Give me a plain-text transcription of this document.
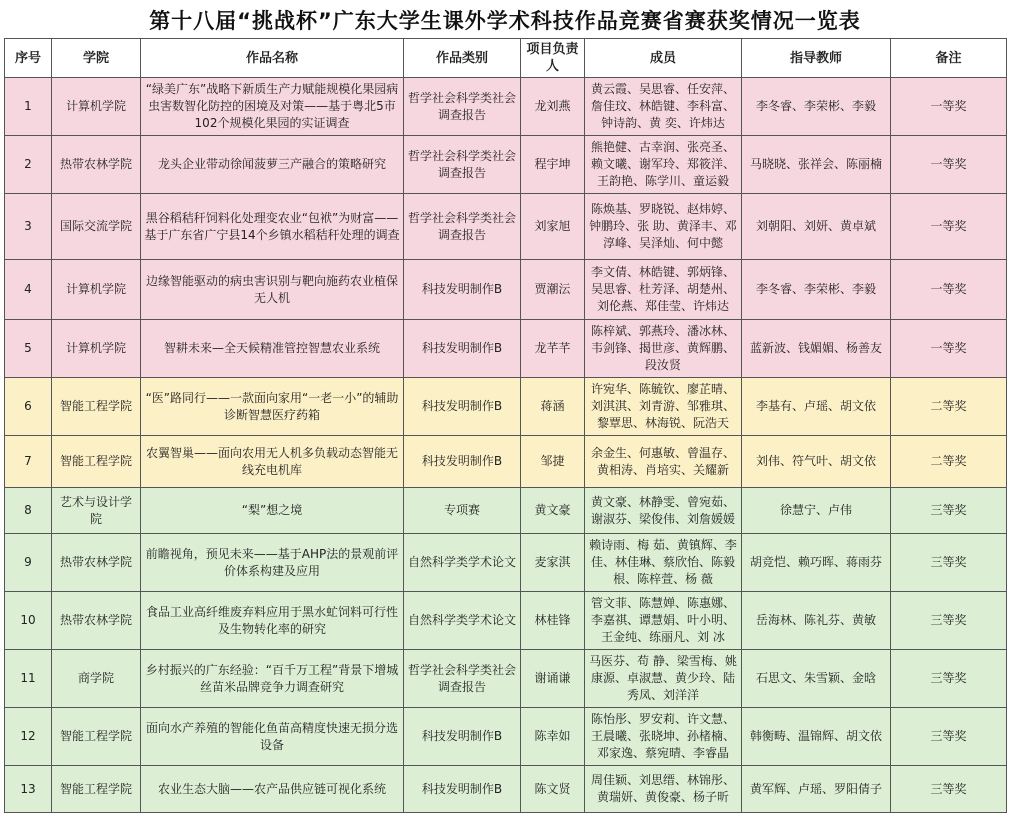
第十八届“挑战杯”广东大学生课外学术科技作品竞赛省赛获奖情况一览表
序号	学院	作品名称	作品类别	项目负责人	成员	指导教师	备注
1	计算机学院	“绿美广东”战略下新质生产力赋能规模化果园病虫害数智化防控的困境及对策——基于粤北5市102个规模化果园的实证调查	哲学社会科学类社会调查报告	龙刘燕	黄云霞、吴思睿、任安萍、詹佳玟、林皓键、李科富、钟诗韵、黄 奕、许炜达	李冬睿、李荣彬、李毅	一等奖
2	热带农林学院	龙头企业带动徐闻菠萝三产融合的策略研究	哲学社会科学类社会调查报告	程宇坤	熊艳健、古幸润、张亮圣、赖文曦、谢军玲、郑筱洋、王韵艳、陈学川、童运毅	马晓晓、张祥会、陈丽楠	一等奖
3	国际交流学院	黑谷稻秸秆饲料化处理变农业“包袱”为财富——基于广东省广宁县14个乡镇水稻秸秆处理的调查	哲学社会科学类社会调查报告	刘家旭	陈焕基、罗晓锐、赵炜婷、钟鹏玲、张 助、黄泽丰、邓淳峰、吴泽灿、何中懿	刘朝阳、刘妍、黄卓斌	一等奖
4	计算机学院	边缘智能驱动的病虫害识别与靶向施药农业植保无人机	科技发明制作B	贾潮沄	李文倩、林皓键、郭炳锋、吴思睿、杜芳泽、胡楚州、刘伦燕、郑佳莹、许炜达	李冬睿、李荣彬、李毅	一等奖
5	计算机学院	智耕未来—全天候精准管控智慧农业系统	科技发明制作B	龙芊芊	陈梓斌、郭燕玲、潘冰林、韦剑锋、揭世彦、黄辉鹏、段汝贤	蓝新波、钱媚媚、杨善友	一等奖
6	智能工程学院	“医”路同行——一款面向家用“一老一小”的辅助诊断智慧医疗药箱	科技发明制作B	蒋涵	许宛华、陈毓钦、廖芷晴、刘淇淇、刘青游、邹雅琪、黎覃思、林海锐、阮浩天	李基有、卢瑶、胡文依	二等奖
7	智能工程学院	农翼智巢——面向农用无人机多负载动态智能无线充电机库	科技发明制作B	邹捷	余金生、何惠敏、曾温存、黄相涛、肖培实、关耀新	刘伟、符气叶、胡文依	二等奖
8	艺术与设计学院	“梨”想之境	专项赛	黄文豪	黄文豪、林静雯、曾宛茹、谢淑芬、梁俊伟、刘詹媛媛	徐慧宁、卢伟	三等奖
9	热带农林学院	前瞻视角，预见未来——基于AHP法的景观前评价体系构建及应用	自然科学类学术论文	麦家淇	赖诗雨、梅 茹、黄镇辉、李 佳、林佳琳、蔡欣怡、陈毅根、陈梓萱、杨 薇	胡竞恺、赖巧晖、蒋雨芬	三等奖
10	热带农林学院	食品工业高纤维废弃料应用于黑水虻饲料可行性及生物转化率的研究	自然科学类学术论文	林桂锋	管文菲、陈慧婵、陈惠娜、李嘉祺、谭慧娟、叶小明、王金纯、练丽凡、刘 冰	岳海林、陈礼芬、黄敏	三等奖
11	商学院	乡村振兴的广东经验：“百千万工程”背景下增城丝苗米品牌竞争力调查研究	哲学社会科学类社会调查报告	谢诵谦	马医芬、苟 静、梁雪梅、姚康源、卓淑慧、黄少玲、陆秀凤、刘洋洋	石思文、朱雪颖、金晗	三等奖
12	智能工程学院	面向水产养殖的智能化鱼苗高精度快速无损分选设备	科技发明制作B	陈幸如	陈怡彤、罗安莉、许文慧、王晨曦、张晓坤、孙楮楠、邓家逸、蔡宛晴、李睿晶	韩衡畴、温锦辉、胡文依	三等奖
13	智能工程学院	农业生态大脑——农产品供应链可视化系统	科技发明制作B	陈文贤	周佳颖、刘思缙、林锦彤、黄瑞妍、黄俊豪、杨子昕	黄军辉、卢瑶、罗阳倩子	三等奖
